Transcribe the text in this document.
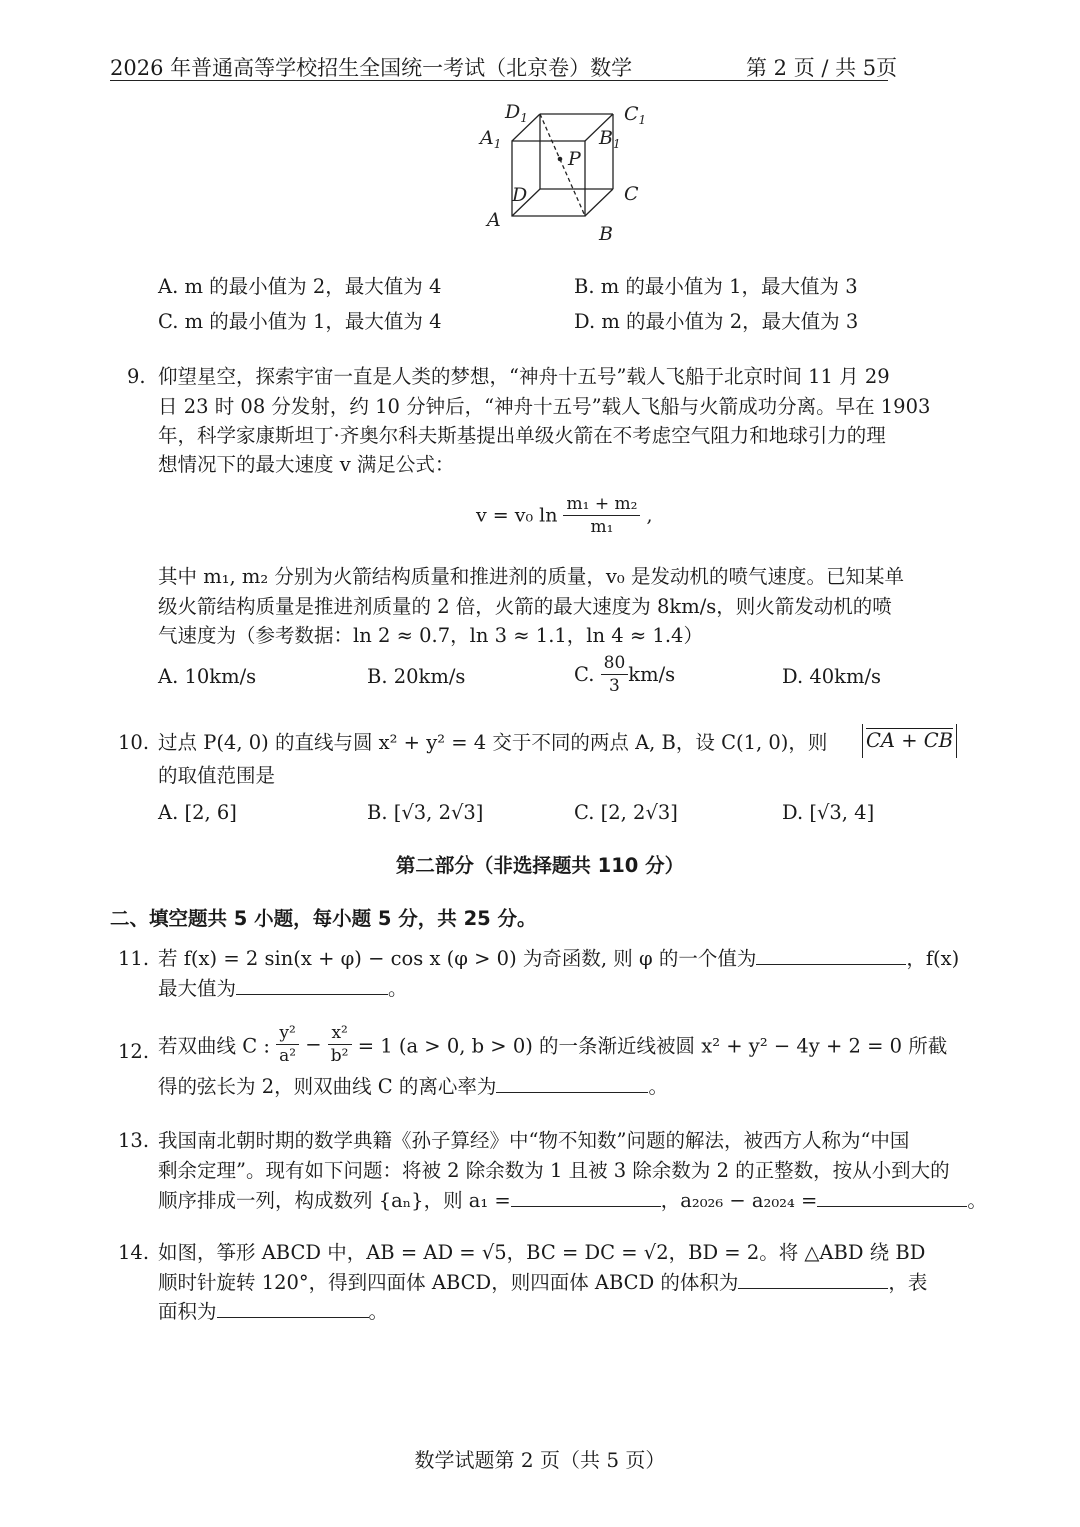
2026 年普通高等学校招生全国统一考试（北京卷）数学	第 2 页 / 共 5页
$D_1$	$C_1$
$A_1$	$B_1$
P
D	C
A
B
A. m 的最小值为 2，最大值为 4	B. m 的最小值为 1，最大值为 3
C. m 的最小值为 1，最大值为 4	D. m 的最小值为 2，最大值为 3
9. 仰望星空，探索宇宙一直是人类的梦想，“神舟十五号”载人飞船于北京时间 11 月 29
日 23 时 08 分发射，约 10 分钟后，“神舟十五号”载人飞船与火箭成功分离。早在 1903
年，科学家康斯坦丁·齐奥尔科夫斯基提出单级火箭在不考虑空气阻力和地球引力的理
想情况下的最大速度 v 满足公式：
v = v₀ $\ln \frac{\text{m₁ + m₂}}{\text{m₁}}$ ,
其中 m₁, m₂ 分别为火箭结构质量和推进剂的质量，v₀ 是发动机的喷气速度。已知某单
级火箭结构质量是推进剂质量的 2 倍，火箭的最大速度为 8km/s，则火箭发动机的喷
气速度为（参考数据：ln 2 ≈ 0.7，ln 3 ≈ 1.1，ln 4 ≈ 1.4）
A. 10km/s	B. 20km/s	C. $\frac{80}{3} km/s$	D. 40km/s
10. 过点 P(4, 0) 的直线与圆 x² + y² = 4 交于不同的两点 A, B，设 C(1, 0)，则 CA + CB
的取值范围是
A. [2, 6]	B. [√3, 2√3]	C. [2, 2√3]	D. [√3, 4]
第二部分（非选择题共 110 分）
二、填空题共 5 小题，每小题 5 分，共 25 分。
11. 若 f(x) = 2 sin(x + φ) − cos x (φ > 0) 为奇函数, 则 φ 的一个值为	，f(x)
最大值为	。
12. 若双曲线 C : $\frac{\text{y²}}{\text{a²}} - \frac{\text{x²}}{\text{b²}} = 1$ (a > 0, b > 0) 的一条渐近线被圆 x² + y² − 4y + 2 = 0 所截
得的弦长为 2，则双曲线 C 的离心率为	。
13. 我国南北朝时期的数学典籍《孙子算经》中“物不知数”问题的解法，被西方人称为“中国
剩余定理”。现有如下问题：将被 2 除余数为 1 且被 3 除余数为 2 的正整数，按从小到大的
顺序排成一列，构成数列 {aₙ}，则 a₁ =	，a₂₀₂₆ − a₂₀₂₄ =	。
14. 如图，筝形 ABCD 中，AB = AD = √5，BC = DC = √2，BD = 2。将 △ABD 绕 BD
顺时针旋转 120°，得到四面体 ABCD，则四面体 ABCD 的体积为	，表
面积为	。
数学试题第 2 页（共 5 页）
